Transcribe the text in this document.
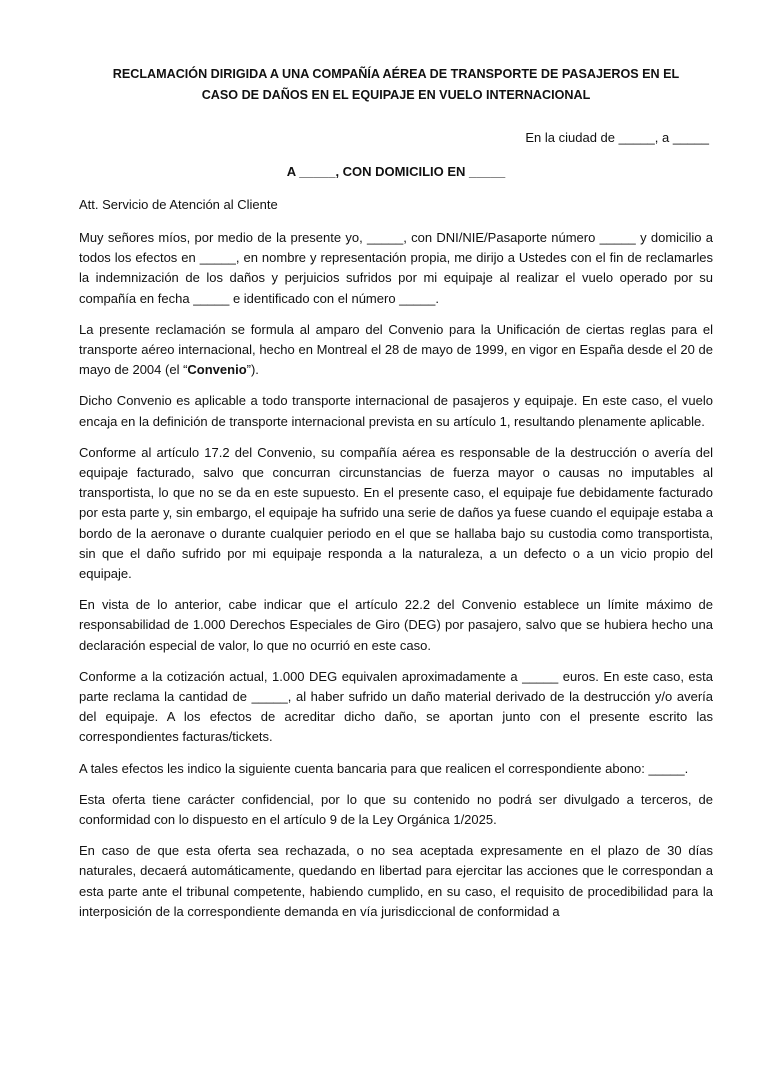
RECLAMACIÓN DIRIGIDA A UNA COMPAÑÍA AÉREA DE TRANSPORTE DE PASAJEROS EN EL
CASO DE DAÑOS EN EL EQUIPAJE EN VUELO INTERNACIONAL
En la ciudad de _____, a _____
A _____, CON DOMICILIO EN _____
Att. Servicio de Atención al Cliente

Muy señores míos, por medio de la presente yo, _____, con DNI/NIE/Pasaporte número _____ y domicilio a todos los efectos en _____, en nombre y representación propia, me dirijo a Ustedes con el fin de reclamarles la indemnización de los daños y perjuicios sufridos por mi equipaje al realizar el vuelo operado por su compañía en fecha _____ e identificado con el número _____.

La presente reclamación se formula al amparo del Convenio para la Unificación de ciertas reglas para el transporte aéreo internacional, hecho en Montreal el 28 de mayo de 1999, en vigor en España desde el 20 de mayo de 2004 (el “Convenio”).

Dicho Convenio es aplicable a todo transporte internacional de pasajeros y equipaje. En este caso, el vuelo encaja en la definición de transporte internacional prevista en su artículo 1, resultando plenamente aplicable.

Conforme al artículo 17.2 del Convenio, su compañía aérea es responsable de la destrucción o avería del equipaje facturado, salvo que concurran circunstancias de fuerza mayor o causas no imputables al transportista, lo que no se da en este supuesto. En el presente caso, el equipaje fue debidamente facturado por esta parte y, sin embargo, el equipaje ha sufrido una serie de daños ya fuese cuando el equipaje estaba a bordo de la aeronave o durante cualquier periodo en el que se hallaba bajo su custodia como transportista, sin que el daño sufrido por mi equipaje responda a la naturaleza, a un defecto o a un vicio propio del equipaje.

En vista de lo anterior, cabe indicar que el artículo 22.2 del Convenio establece un límite máximo de responsabilidad de 1.000 Derechos Especiales de Giro (DEG) por pasajero, salvo que se hubiera hecho una declaración especial de valor, lo que no ocurrió en este caso.

Conforme a la cotización actual, 1.000 DEG equivalen aproximadamente a _____ euros. En este caso, esta parte reclama la cantidad de _____, al haber sufrido un daño material derivado de la destrucción y/o avería del equipaje. A los efectos de acreditar dicho daño, se aportan junto con el presente escrito las correspondientes facturas/tickets.

A tales efectos les indico la siguiente cuenta bancaria para que realicen el correspondiente abono: _____.

Esta oferta tiene carácter confidencial, por lo que su contenido no podrá ser divulgado a terceros, de conformidad con lo dispuesto en el artículo 9 de la Ley Orgánica 1/2025.

En caso de que esta oferta sea rechazada, o no sea aceptada expresamente en el plazo de 30 días naturales, decaerá automáticamente, quedando en libertad para ejercitar las acciones que le correspondan a esta parte ante el tribunal competente, habiendo cumplido, en su caso, el requisito de procedibilidad para la interposición de la correspondiente demanda en vía jurisdiccional de conformidad a
